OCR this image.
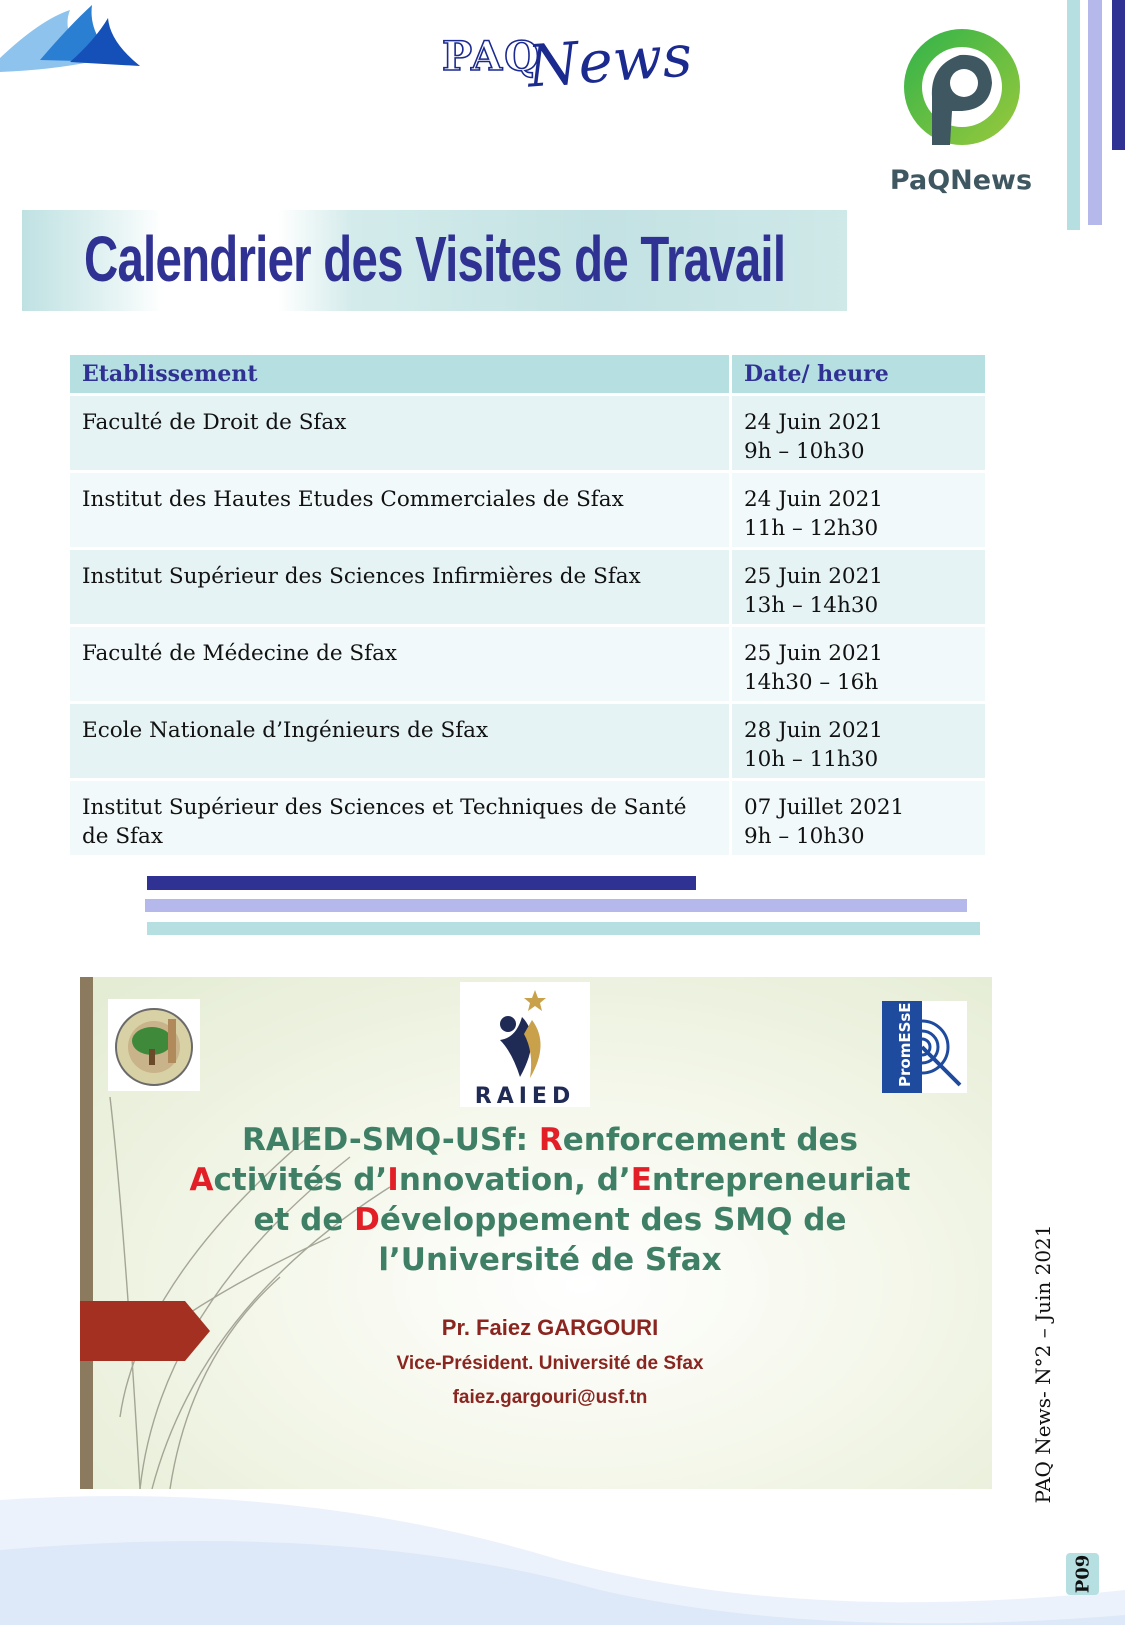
PAQ
News
PaQNews
Calendrier des Visites de Travail
Etablissement	Date/ heure
Faculté de Droit de Sfax	24 Juin 2021
9h – 10h30
Institut des Hautes Etudes Commerciales de Sfax	24 Juin 2021
11h – 12h30
Institut Supérieur des Sciences Infirmières de Sfax	25 Juin 2021
13h – 14h30
Faculté de Médecine de Sfax	25 Juin 2021
14h30 – 16h
Ecole Nationale d’Ingénieurs de Sfax	28 Juin 2021
10h – 11h30
Institut Supérieur des Sciences et Techniques de Santé de Sfax	07 Juillet 2021
9h – 10h30
RAIED
PromESsE
RAIED-SMQ-USf: Renforcement des
Activités d’Innovation, d’Entrepreneuriat
et de Développement des SMQ de
l’Université de Sfax
Pr. Faiez GARGOURI
Vice-Président. Université de Sfax
faiez.gargouri@usf.tn	PAQ News- N°2 – Juin 2021
P09
